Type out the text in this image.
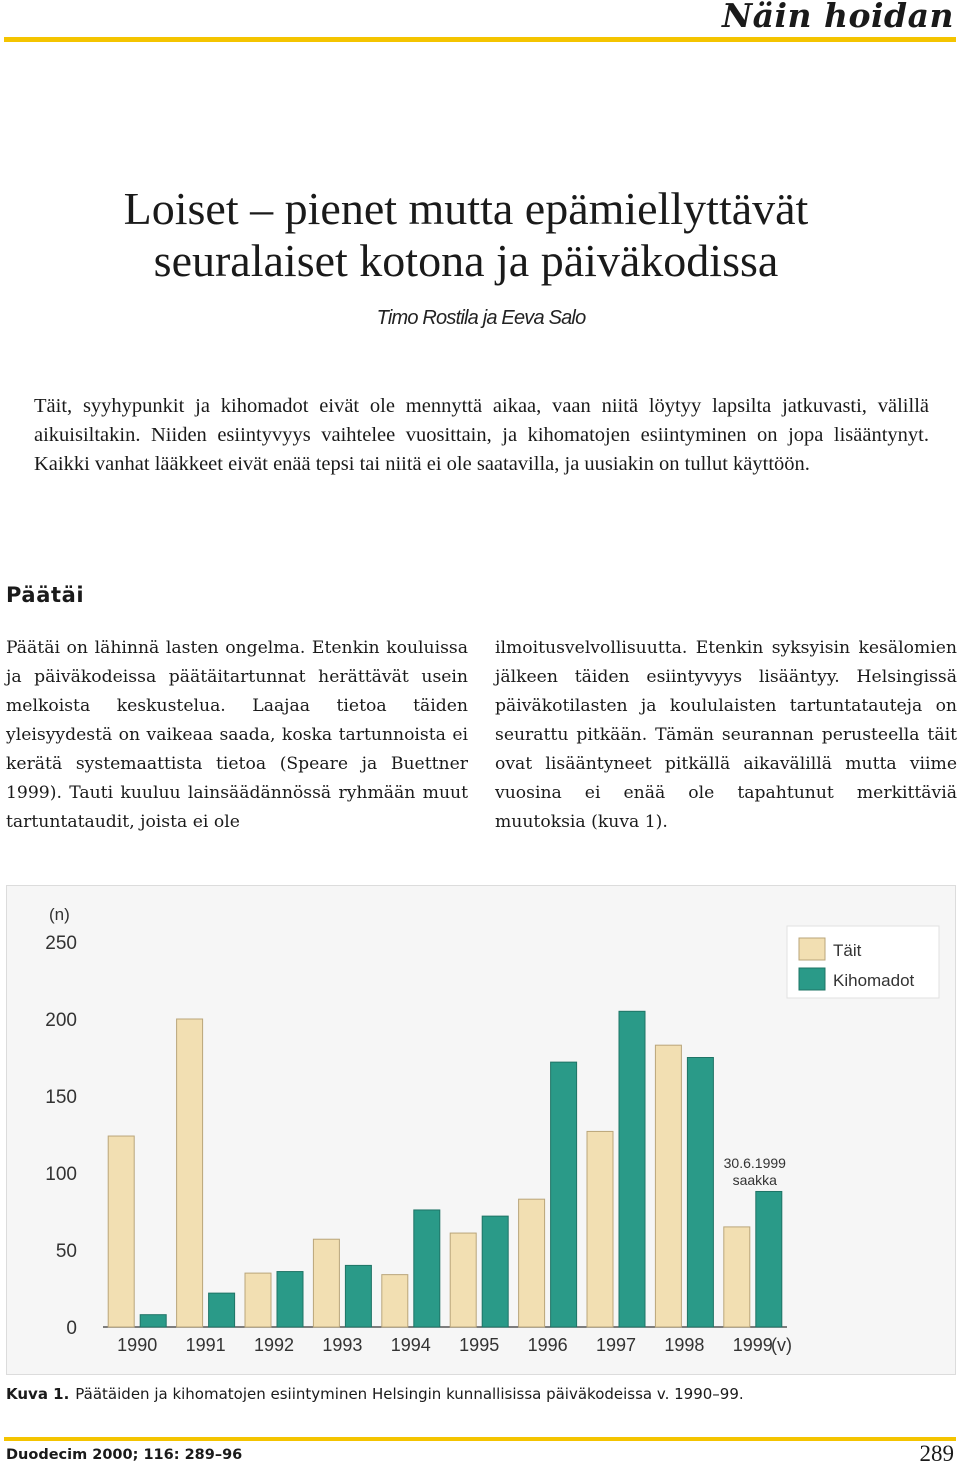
Näin hoidan
Loiset – pienet mutta epämiellyttävät
seuralaiset kotona ja päiväkodissa
Timo Rostila ja Eeva Salo
Täit, syyhypunkit ja kihomadot eivät ole mennyttä aikaa, vaan niitä löytyy lapsilta jatkuvasti, välillä aikuisiltakin. Niiden esiintyvyys vaihtelee vuosittain, ja kihomatojen esiintyminen on jopa lisääntynyt. Kaikki vanhat lääkkeet eivät enää tepsi tai niitä ei ole saatavilla, ja uusiakin on tullut käyttöön.
Päätäi
Päätäi on lähinnä lasten ongelma. Etenkin kouluissa ja päiväkodeissa päätäitartunnat herättävät usein melkoista keskustelua. Laajaa tietoa täiden yleisyydestä on vaikeaa saada, koska tartunnoista ei kerätä systemaattista tietoa (Speare ja Buettner 1999). Tauti kuuluu lainsäädännössä ryhmään muut tartuntataudit, joista ei ole
ilmoitusvelvollisuutta. Etenkin syksyisin kesälomien jälkeen täiden esiintyvyys lisääntyy. Helsingissä päiväkotilasten ja koululaisten tartuntatauteja on seurattu pitkään. Tämän seurannan perusteella täit ovat lisääntyneet pitkällä aikavälillä mutta viime vuosina ei enää ole tapahtunut merkittäviä muutoksia (kuva 1).
0
50
100
150
200
250
(n)
1990 1991 1992 1993 1994 1995 1996 1997 1998 1999
(v)
30.6.1999
saakka
Täit
Kihomadot
Kuva 1. Päätäiden ja kihomatojen esiintyminen Helsingin kunnallisissa päiväkodeissa v. 1990–99.
Duodecim 2000; 116: 289–96	289
